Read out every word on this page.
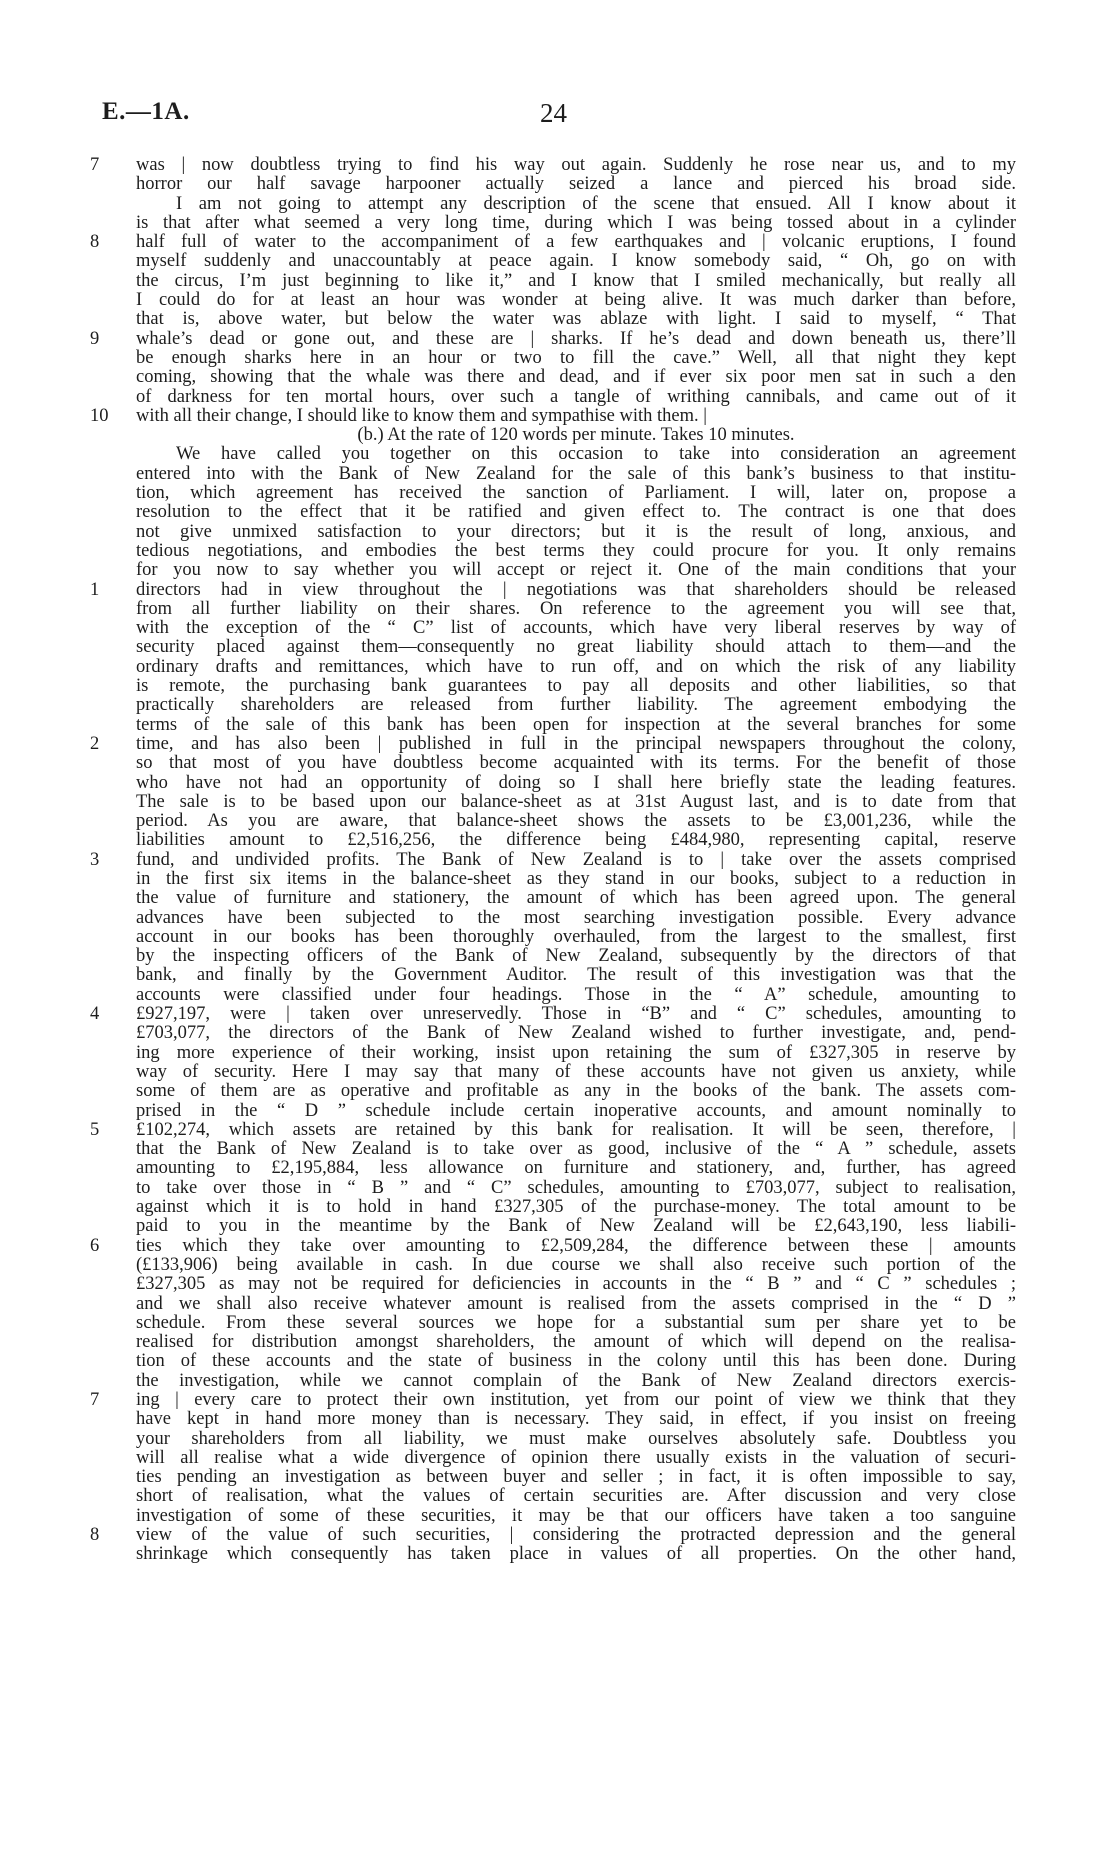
E.—1A.	24
7	was | now doubtless trying to find his way out again. Suddenly he rose near us, and to my
horror our half savage harpooner actually seized a lance and pierced his broad side.
I am not going to attempt any description of the scene that ensued. All I know about it
is that after what seemed a very long time, during which I was being tossed about in a cylinder
8	half full of water to the accompaniment of a few earthquakes and | volcanic eruptions, I found
myself suddenly and unaccountably at peace again. I know somebody said, “ Oh, go on with
the circus, I’m just beginning to like it,” and I know that I smiled mechanically, but really all
I could do for at least an hour was wonder at being alive. It was much darker than before,
that is, above water, but below the water was ablaze with light. I said to myself, “ That
9	whale’s dead or gone out, and these are | sharks. If he’s dead and down beneath us, there’ll
be enough sharks here in an hour or two to fill the cave.” Well, all that night they kept
coming, showing that the whale was there and dead, and if ever six poor men sat in such a den
of darkness for ten mortal hours, over such a tangle of writhing cannibals, and came out of it
10 with all their change, I should like to know them and sympathise with them. |
(b.) At the rate of 120 words per minute. Takes 10 minutes.
We have called you together on this occasion to take into consideration an agreement
entered into with the Bank of New Zealand for the sale of this bank’s business to that institu-
tion, which agreement has received the sanction of Parliament. I will, later on, propose a
resolution to the effect that it be ratified and given effect to. The contract is one that does
not give unmixed satisfaction to your directors; but it is the result of long, anxious, and
tedious negotiations, and embodies the best terms they could procure for you. It only remains
for you now to say whether you will accept or reject it. One of the main conditions that your
1	directors had in view throughout the | negotiations was that shareholders should be released
from all further liability on their shares. On reference to the agreement you will see that,
with the exception of the “ C” list of accounts, which have very liberal reserves by way of
security placed against them—consequently no great liability should attach to them—and the
ordinary drafts and remittances, which have to run off, and on which the risk of any liability
is remote, the purchasing bank guarantees to pay all deposits and other liabilities, so that
practically shareholders are released from further liability. The agreement embodying the
terms of the sale of this bank has been open for inspection at the several branches for some
2	time, and has also been | published in full in the principal newspapers throughout the colony,
so that most of you have doubtless become acquainted with its terms. For the benefit of those
who have not had an opportunity of doing so I shall here briefly state the leading features.
The sale is to be based upon our balance-sheet as at 31st August last, and is to date from that
period. As you are aware, that balance-sheet shows the assets to be £3,001,236, while the
liabilities amount to £2,516,256, the difference being £484,980, representing capital, reserve
3	fund, and undivided profits. The Bank of New Zealand is to | take over the assets comprised
in the first six items in the balance-sheet as they stand in our books, subject to a reduction in
the value of furniture and stationery, the amount of which has been agreed upon. The general
advances have been subjected to the most searching investigation possible. Every advance
account in our books has been thoroughly overhauled, from the largest to the smallest, first
by the inspecting officers of the Bank of New Zealand, subsequently by the directors of that
bank, and finally by the Government Auditor. The result of this investigation was that the
accounts were classified under four headings. Those in the “ A” schedule, amounting to
4	£927,197, were | taken over unreservedly. Those in “B” and “ C” schedules, amounting to
£703,077, the directors of the Bank of New Zealand wished to further investigate, and, pend-
ing more experience of their working, insist upon retaining the sum of £327,305 in reserve by
way of security. Here I may say that many of these accounts have not given us anxiety, while
some of them are as operative and profitable as any in the books of the bank. The assets com-
prised in the “ D ” schedule include certain inoperative accounts, and amount nominally to
5	£102,274, which assets are retained by this bank for realisation. It will be seen, therefore, |
that the Bank of New Zealand is to take over as good, inclusive of the “ A ” schedule, assets
amounting to £2,195,884, less allowance on furniture and stationery, and, further, has agreed
to take over those in “ B ” and “ C” schedules, amounting to £703,077, subject to realisation,
against which it is to hold in hand £327,305 of the purchase-money. The total amount to be
paid to you in the meantime by the Bank of New Zealand will be £2,643,190, less liabili-
6	ties which they take over amounting to £2,509,284, the difference between these | amounts
(£133,906) being available in cash. In due course we shall also receive such portion of the
£327,305 as may not be required for deficiencies in accounts in the “ B ” and “ C ” schedules ;
and we shall also receive whatever amount is realised from the assets comprised in the “ D ”
schedule. From these several sources we hope for a substantial sum per share yet to be
realised for distribution amongst shareholders, the amount of which will depend on the realisa-
tion of these accounts and the state of business in the colony until this has been done. During
the investigation, while we cannot complain of the Bank of New Zealand directors exercis-
7	ing | every care to protect their own institution, yet from our point of view we think that they
have kept in hand more money than is necessary. They said, in effect, if you insist on freeing
your shareholders from all liability, we must make ourselves absolutely safe. Doubtless you
will all realise what a wide divergence of opinion there usually exists in the valuation of securi-
ties pending an investigation as between buyer and seller ; in fact, it is often impossible to say,
short of realisation, what the values of certain securities are. After discussion and very close
investigation of some of these securities, it may be that our officers have taken a too sanguine
8	view of the value of such securities, | considering the protracted depression and the general
shrinkage which consequently has taken place in values of all properties. On the other hand,
